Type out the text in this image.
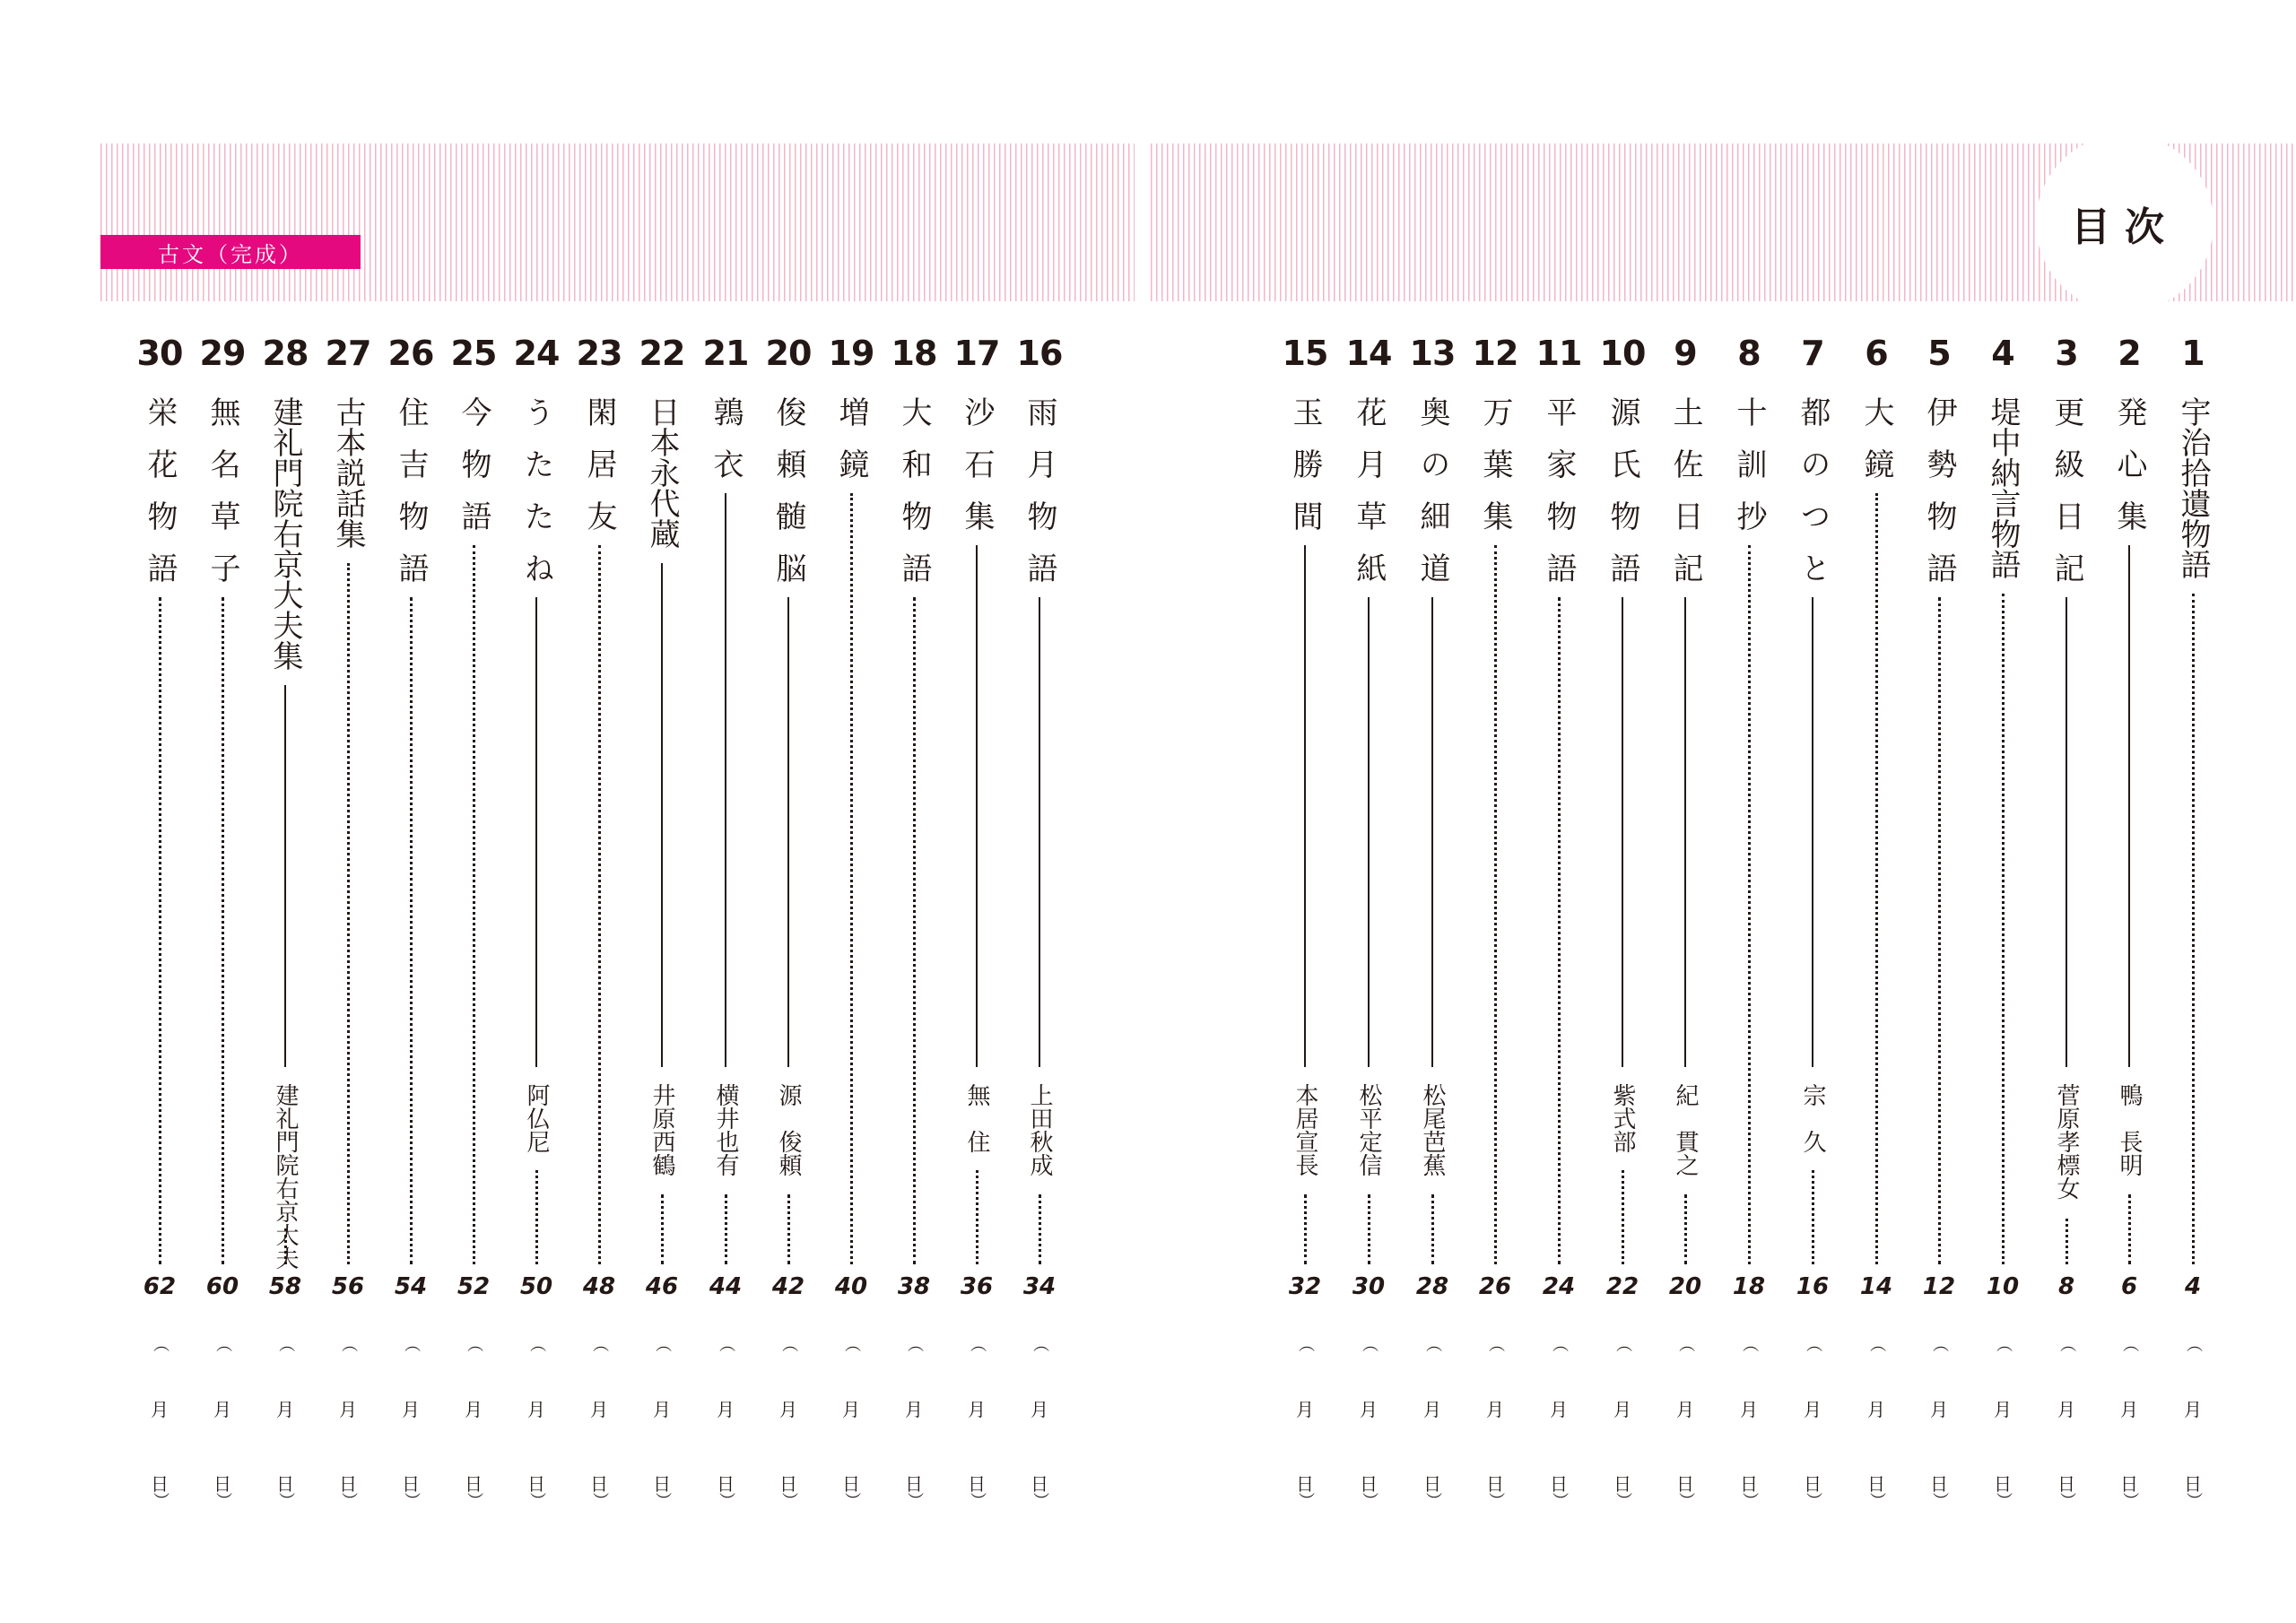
古文（完成）
目次
1
宇治拾遺物語
4
（
月
日
）
2
発心集
鴨　長明
6
（
月
日
）
3
更級日記
菅原孝標女
8
（
月
日
）
4
堤中納言物語
10
（
月
日
）
5
伊勢物語
12
（
月
日
）
6
大鏡
14
（
月
日
）
7
都のつと
宗　久
16
（
月
日
）
8
十訓抄
18
（
月
日
）
9
土佐日記
紀　貫之
20
（
月
日
）
10
源氏物語
紫式部
22
（
月
日
）
11
平家物語
24
（
月
日
）
12
万葉集
26
（
月
日
）
13
奥の細道
松尾芭蕉
28
（
月
日
）
14
花月草紙
松平定信
30
（
月
日
）
15
玉勝間
本居宣長
32
（
月
日
）
16
雨月物語
上田秋成
34
（
月
日
）
17
沙石集
無　住
36
（
月
日
）
18
大和物語
38
（
月
日
）
19
増鏡
40
（
月
日
）
20
俊頼髄脳
源　俊頼
42
（
月
日
）
21
鶉衣
横井也有
44
（
月
日
）
22
日本永代蔵
井原西鶴
46
（
月
日
）
23
閑居友
48
（
月
日
）
24
うたたね
阿仏尼
50
（
月
日
）
25
今物語
52
（
月
日
）
26
住吉物語
54
（
月
日
）
27
古本説話集
56
（
月
日
）
28
建礼門院右京大夫集
建礼門院右京大夫
58
（
月
日
）
29
無名草子
60
（
月
日
）
30
栄花物語
62
（
月
日
）
